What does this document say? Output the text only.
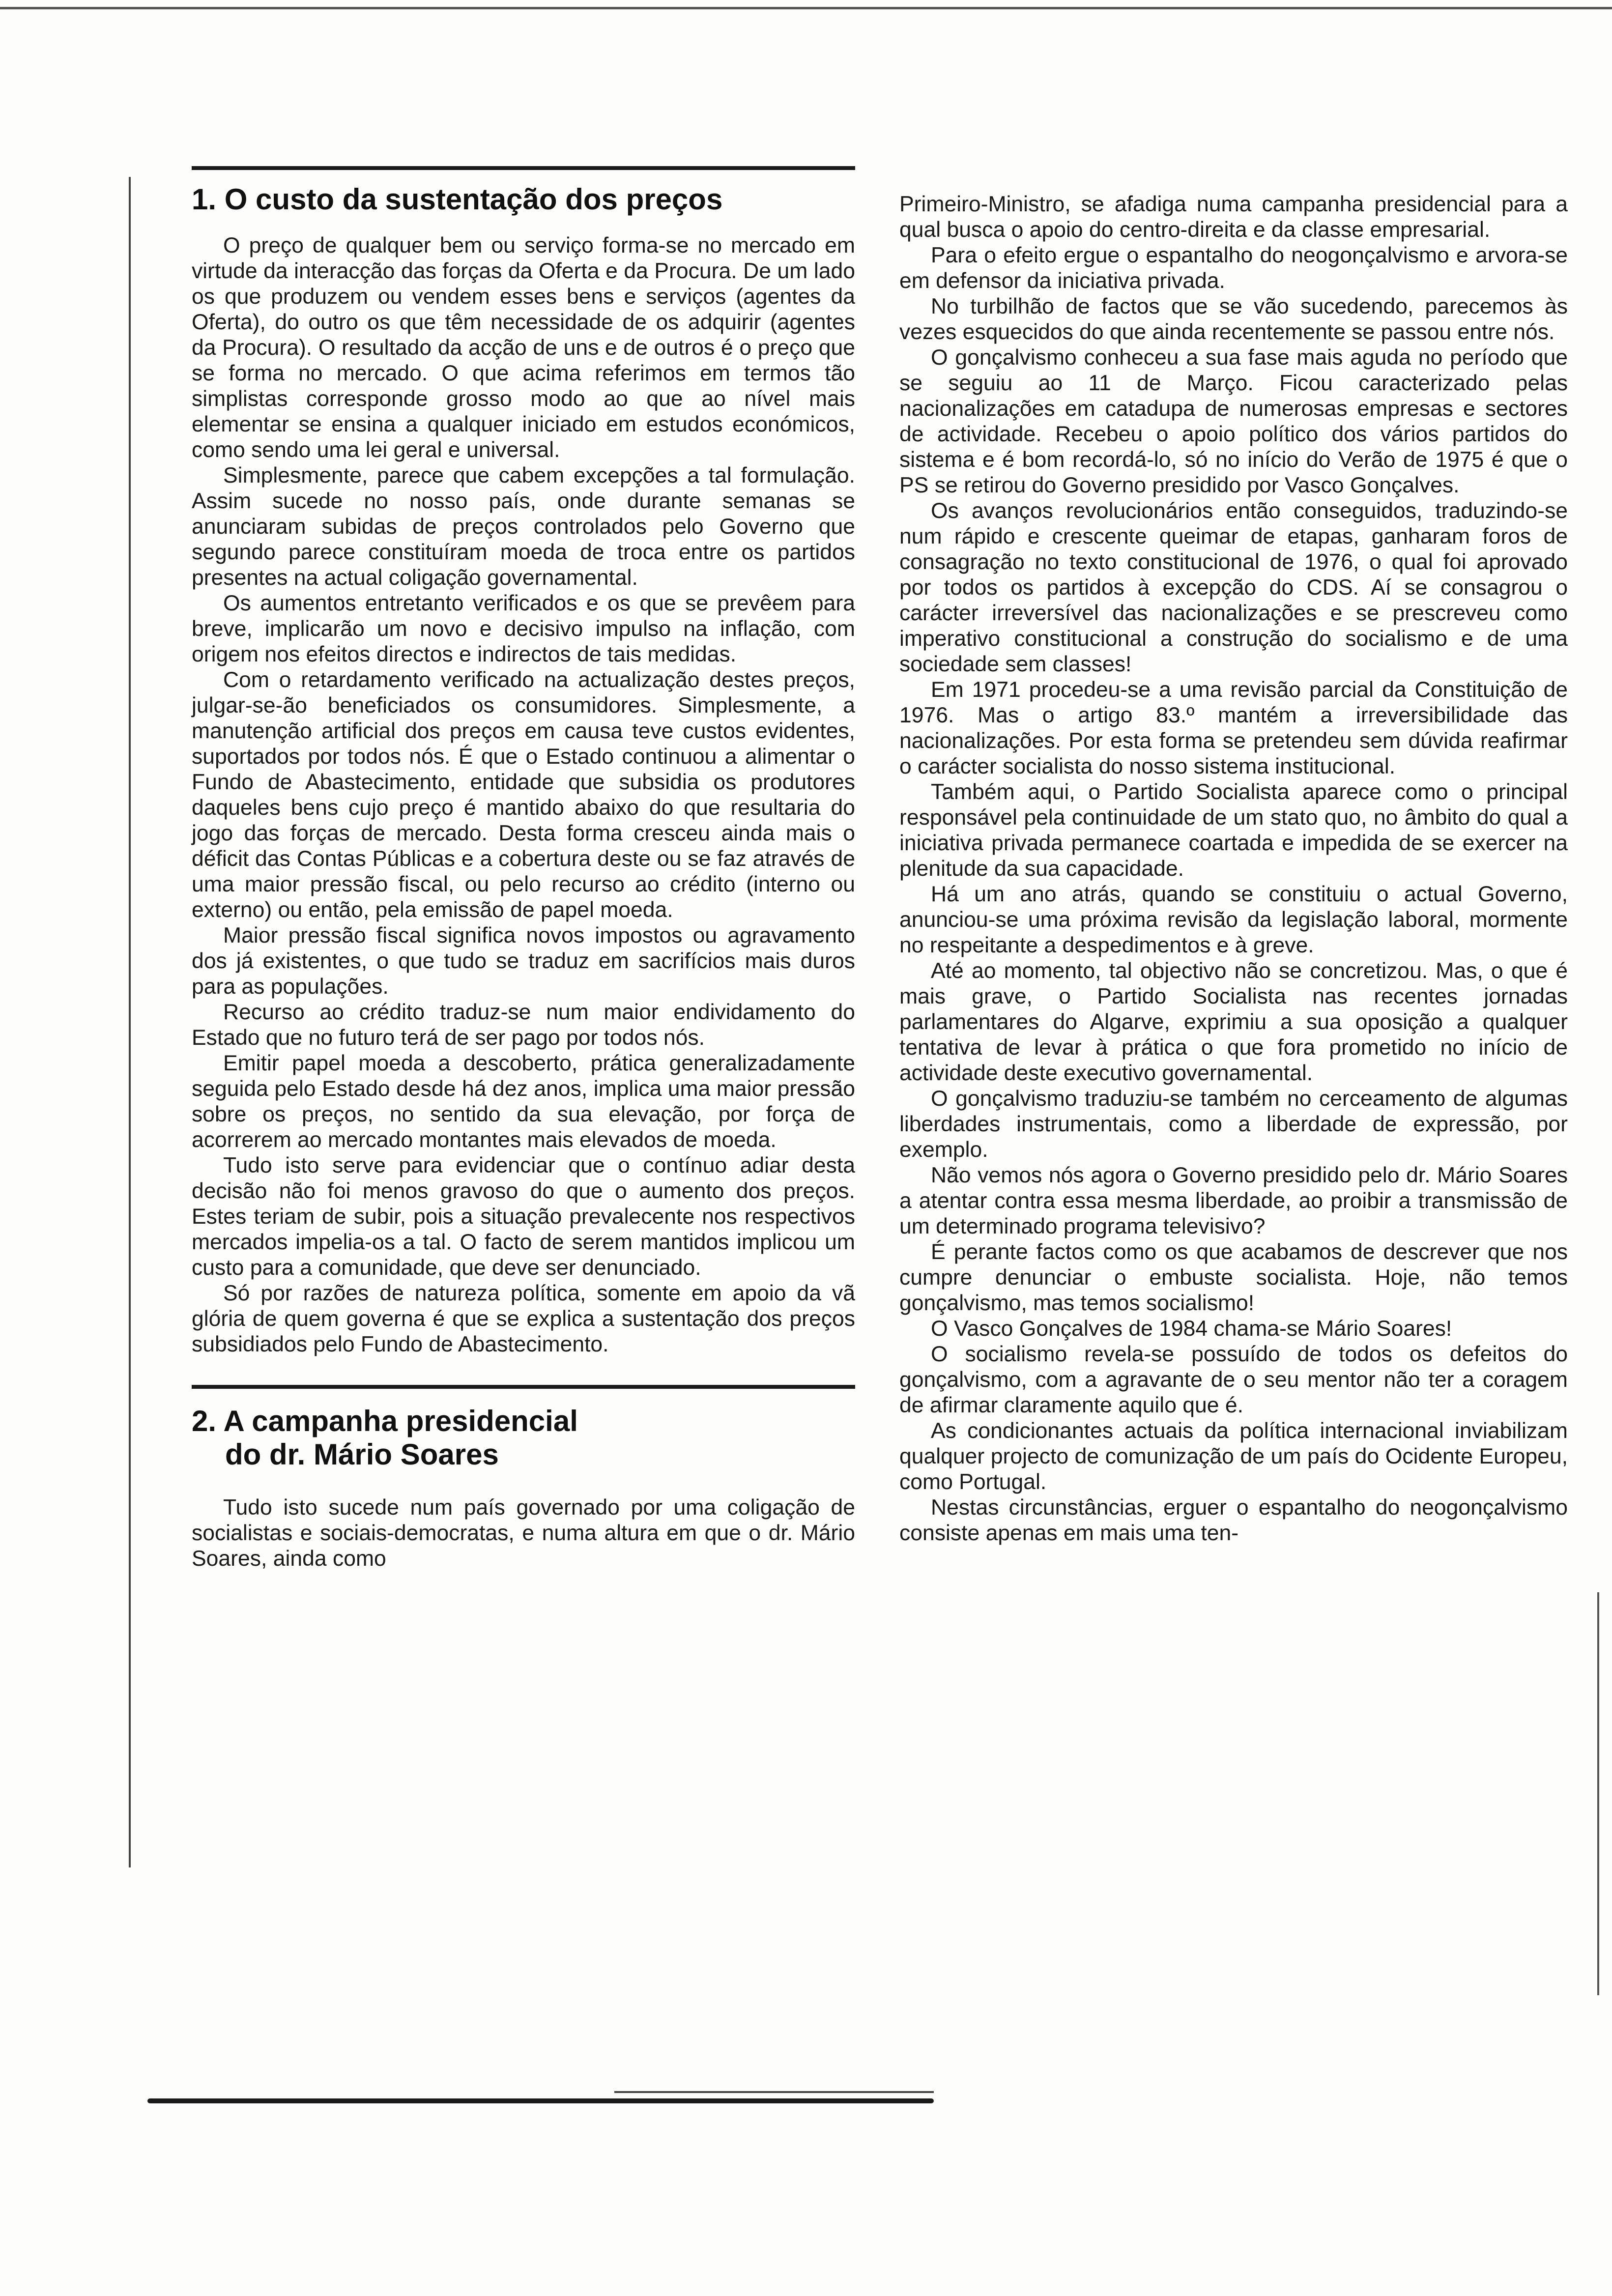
1. O custo da sustentação dos preços

O preço de qualquer bem ou serviço forma-se no mercado em virtude da interacção das forças da Oferta e da Procura. De um lado os que produzem ou vendem esses bens e serviços (agentes da Oferta), do outro os que têm necessidade de os adquirir (agentes da Procura). O resultado da acção de uns e de outros é o preço que se forma no mercado. O que acima referimos em termos tão simplistas corresponde grosso modo ao que ao nível mais elementar se ensina a qualquer iniciado em estudos económicos, como sendo uma lei geral e universal.

Simplesmente, parece que cabem excepções a tal formulação. Assim sucede no nosso país, onde durante semanas se anunciaram subidas de preços controlados pelo Governo que segundo parece constituíram moeda de troca entre os partidos presentes na actual coligação governamental.

Os aumentos entretanto verificados e os que se prevêem para breve, implicarão um novo e decisivo impulso na inflação, com origem nos efeitos directos e indirectos de tais medidas.

Com o retardamento verificado na actualização destes preços, julgar-se-ão beneficiados os consumidores. Simplesmente, a manutenção artificial dos preços em causa teve custos evidentes, suportados por todos nós. É que o Estado continuou a alimentar o Fundo de Abastecimento, entidade que subsidia os produtores daqueles bens cujo preço é mantido abaixo do que resultaria do jogo das forças de mercado. Desta forma cresceu ainda mais o déficit das Contas Públicas e a cobertura deste ou se faz através de uma maior pressão fiscal, ou pelo recurso ao crédito (interno ou externo) ou então, pela emissão de papel moeda.

Maior pressão fiscal significa novos impostos ou agravamento dos já existentes, o que tudo se traduz em sacrifícios mais duros para as populações.

Recurso ao crédito traduz-se num maior endividamento do Estado que no futuro terá de ser pago por todos nós.

Emitir papel moeda a descoberto, prática generalizadamente seguida pelo Estado desde há dez anos, implica uma maior pressão sobre os preços, no sentido da sua elevação, por força de acorrerem ao mercado montantes mais elevados de moeda.

Tudo isto serve para evidenciar que o contínuo adiar desta decisão não foi menos gravoso do que o aumento dos preços. Estes teriam de subir, pois a situação prevalecente nos respectivos mercados impelia-os a tal. O facto de serem mantidos implicou um custo para a comunidade, que deve ser denunciado.

Só por razões de natureza política, somente em apoio da vã glória de quem governa é que se explica a sustentação dos preços subsidiados pelo Fundo de Abastecimento.

2. A campanha presidencial
do dr. Mário Soares

Tudo isto sucede num país governado por uma coligação de socialistas e sociais-democratas, e numa altura em que o dr. Mário Soares, ainda como

Primeiro-Ministro, se afadiga numa campanha presidencial para a qual busca o apoio do centro-direita e da classe empresarial.

Para o efeito ergue o espantalho do neogonçalvismo e arvora-se em defensor da iniciativa privada.

No turbilhão de factos que se vão sucedendo, parecemos às vezes esquecidos do que ainda recentemente se passou entre nós.

O gonçalvismo conheceu a sua fase mais aguda no período que se seguiu ao 11 de Março. Ficou caracterizado pelas nacionalizações em catadupa de numerosas empresas e sectores de actividade. Recebeu o apoio político dos vários partidos do sistema e é bom recordá-lo, só no início do Verão de 1975 é que o PS se retirou do Governo presidido por Vasco Gonçalves.

Os avanços revolucionários então conseguidos, traduzindo-se num rápido e crescente queimar de etapas, ganharam foros de consagração no texto constitucional de 1976, o qual foi aprovado por todos os partidos à excepção do CDS. Aí se consagrou o carácter irreversível das nacionalizações e se prescreveu como imperativo constitucional a construção do socialismo e de uma sociedade sem classes!

Em 1971 procedeu-se a uma revisão parcial da Constituição de 1976. Mas o artigo 83.º mantém a irreversibilidade das nacionalizações. Por esta forma se pretendeu sem dúvida reafirmar o carácter socialista do nosso sistema institucional.

Também aqui, o Partido Socialista aparece como o principal responsável pela continuidade de um stato quo, no âmbito do qual a iniciativa privada permanece coartada e impedida de se exercer na plenitude da sua capacidade.

Há um ano atrás, quando se constituiu o actual Governo, anunciou-se uma próxima revisão da legislação laboral, mormente no respeitante a despedimentos e à greve.

Até ao momento, tal objectivo não se concretizou. Mas, o que é mais grave, o Partido Socialista nas recentes jornadas parlamentares do Algarve, exprimiu a sua oposição a qualquer tentativa de levar à prática o que fora prometido no início de actividade deste executivo governamental.

O gonçalvismo traduziu-se também no cerceamento de algumas liberdades instrumentais, como a liberdade de expressão, por exemplo.

Não vemos nós agora o Governo presidido pelo dr. Mário Soares a atentar contra essa mesma liberdade, ao proibir a transmissão de um determinado programa televisivo?

É perante factos como os que acabamos de descrever que nos cumpre denunciar o embuste socialista. Hoje, não temos gonçalvismo, mas temos socialismo!

O Vasco Gonçalves de 1984 chama-se Mário Soares!

O socialismo revela-se possuído de todos os defeitos do gonçalvismo, com a agravante de o seu mentor não ter a coragem de afirmar claramente aquilo que é.

As condicionantes actuais da política internacional inviabilizam qualquer projecto de comunização de um país do Ocidente Europeu, como Portugal.

Nestas circunstâncias, erguer o espantalho do neogonçalvismo consiste apenas em mais uma ten-
